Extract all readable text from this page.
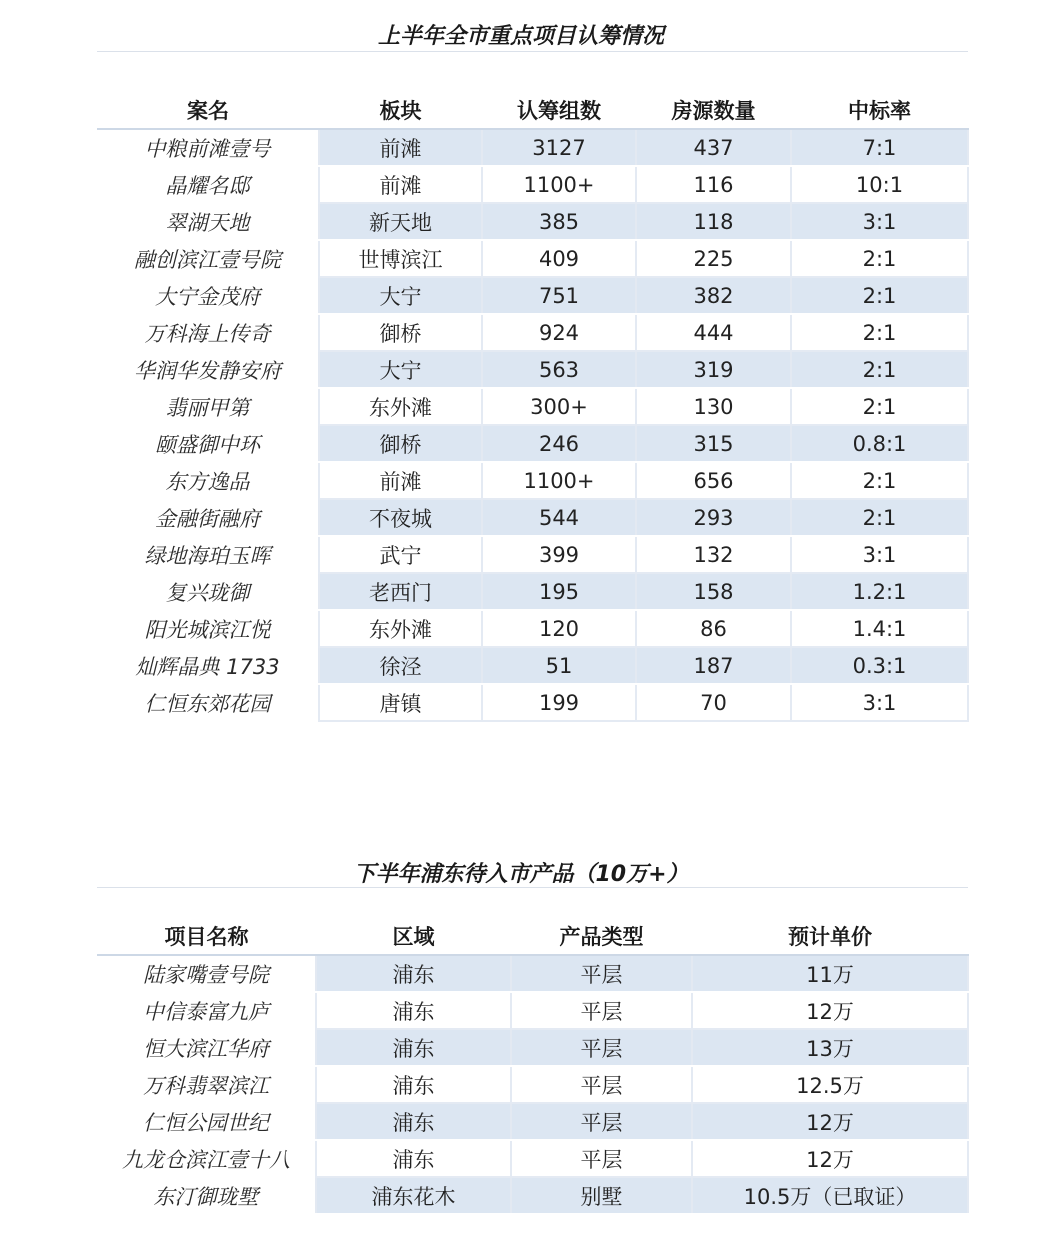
上半年全市重点项目认筹情况
案名	板块	认筹组数	房源数量	中标率
中粮前滩壹号	前滩	3127	437	7:1
晶耀名邸	前滩	1100+	116	10:1
翠湖天地	新天地	385	118	3:1
融创滨江壹号院	世博滨江	409	225	2:1
大宁金茂府	大宁	751	382	2:1
万科海上传奇	御桥	924	444	2:1
华润华发静安府	大宁	563	319	2:1
翡丽甲第	东外滩	300+	130	2:1
颐盛御中环	御桥	246	315	0.8:1
东方逸品	前滩	1100+	656	2:1
金融街融府	不夜城	544	293	2:1
绿地海珀玉晖	武宁	399	132	3:1
复兴珑御	老西门	195	158	1.2:1
阳光城滨江悦	东外滩	120	86	1.4:1
灿辉晶典 1733	徐泾	51	187	0.3:1
仁恒东郊花园	唐镇	199	70	3:1
下半年浦东待入市产品（10万+）
项目名称	区域	产品类型	预计单价
陆家嘴壹号院	浦东	平层	11万
中信泰富九庐	浦东	平层	12万
恒大滨江华府	浦东	平层	13万
万科翡翠滨江	浦东	平层	12.5万
仁恒公园世纪	浦东	平层	12万
九龙仓滨江壹十八	浦东	平层	12万
东汀御珑墅	浦东花木	别墅	10.5万（已取证）
